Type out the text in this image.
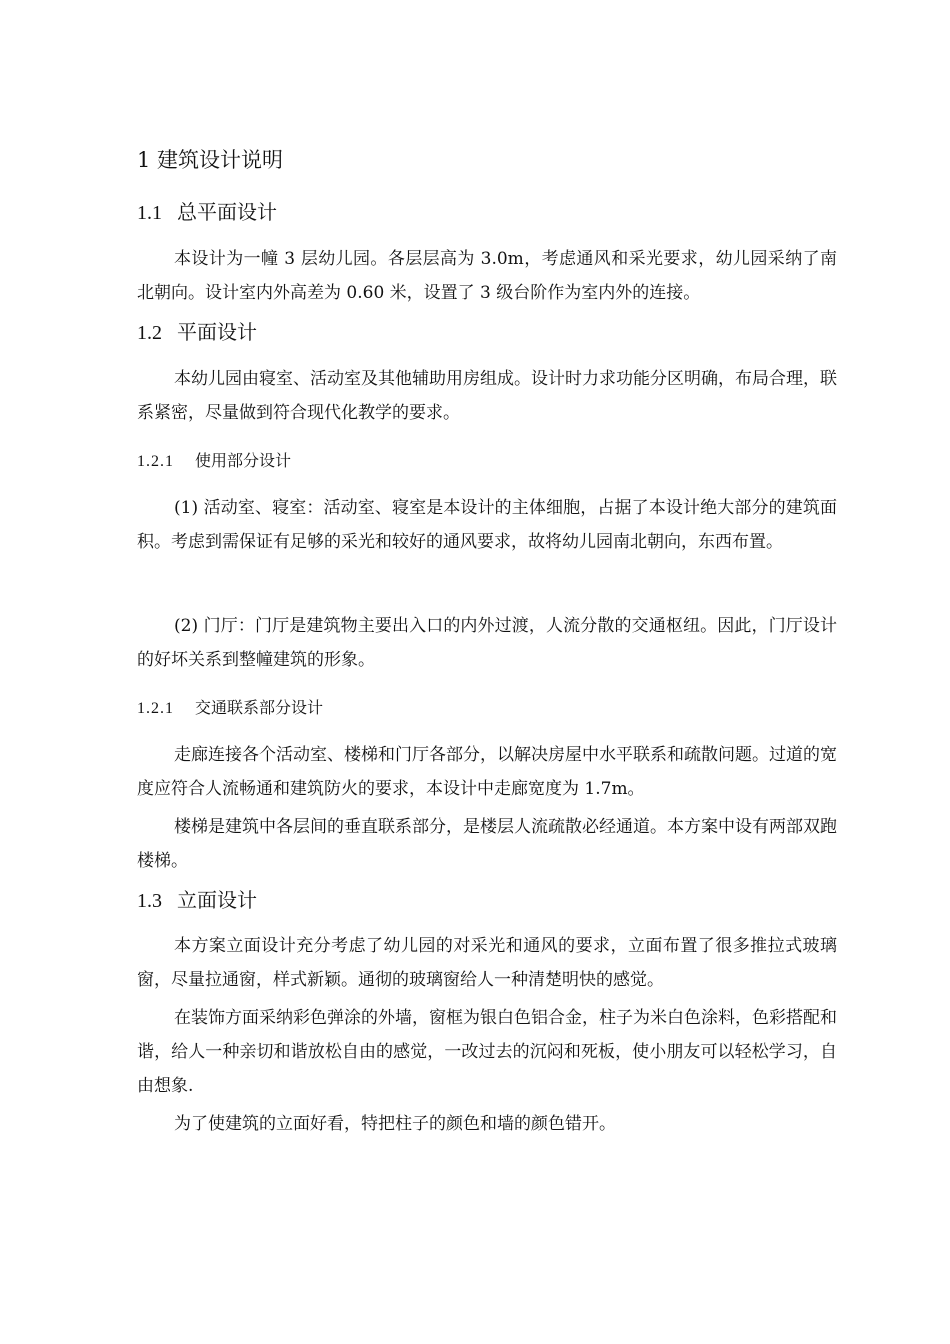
1 建筑设计说明
1.1 总平面设计

本设计为一幢 3 层幼儿园。各层层高为 3.0m，考虑通风和采光要求，幼儿园采纳了南北朝向。设计室内外高差为 0.60 米，设置了 3 级台阶作为室内外的连接。

1.2 平面设计

本幼儿园由寝室、活动室及其他辅助用房组成。设计时力求功能分区明确，布局合理，联系紧密，尽量做到符合现代化教学的要求。

1.2.1 使用部分设计

(1) 活动室、寝室：活动室、寝室是本设计的主体细胞，占据了本设计绝大部分的建筑面积。考虑到需保证有足够的采光和较好的通风要求，故将幼儿园南北朝向，东西布置。

(2) 门厅：门厅是建筑物主要出入口的内外过渡，人流分散的交通枢纽。因此，门厅设计的好坏关系到整幢建筑的形象。

1.2.1 交通联系部分设计

走廊连接各个活动室、楼梯和门厅各部分，以解决房屋中水平联系和疏散问题。过道的宽度应符合人流畅通和建筑防火的要求，本设计中走廊宽度为 1.7m。

楼梯是建筑中各层间的垂直联系部分，是楼层人流疏散必经通道。本方案中设有两部双跑楼梯。

1.3 立面设计

本方案立面设计充分考虑了幼儿园的对采光和通风的要求，立面布置了很多推拉式玻璃窗，尽量拉通窗，样式新颖。通彻的玻璃窗给人一种清楚明快的感觉。

在装饰方面采纳彩色弹涂的外墙，窗框为银白色铝合金，柱子为米白色涂料，色彩搭配和谐，给人一种亲切和谐放松自由的感觉，一改过去的沉闷和死板，使小朋友可以轻松学习，自由想象.

为了使建筑的立面好看，特把柱子的颜色和墙的颜色错开。
